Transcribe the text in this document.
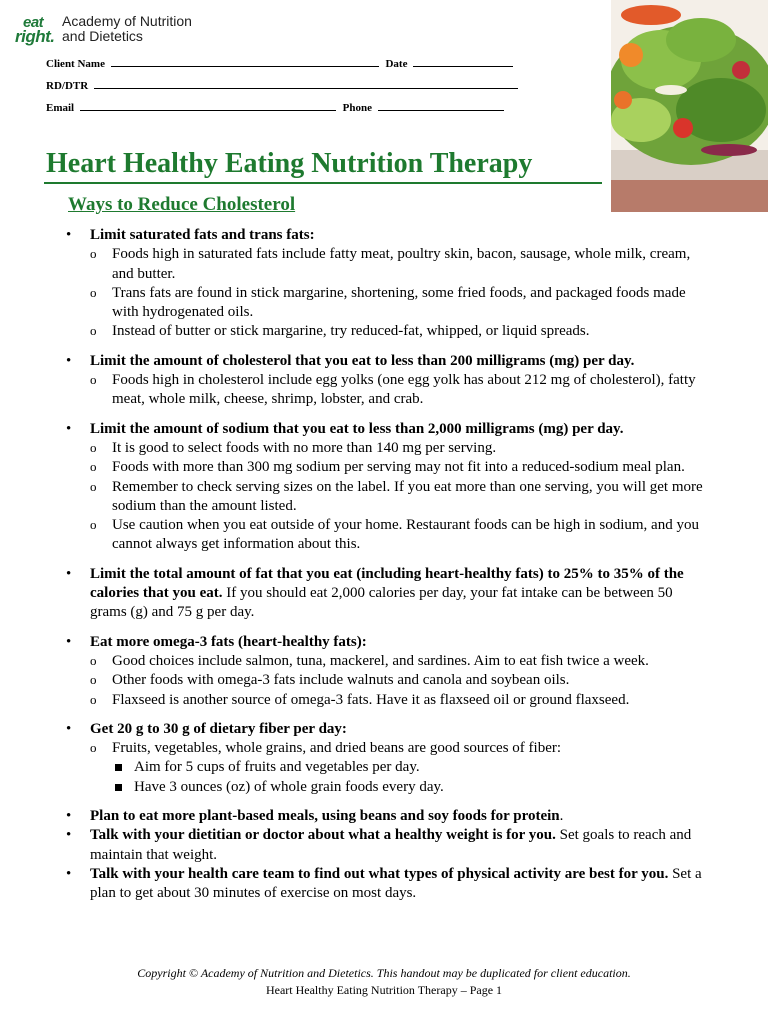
eat
right.
Academy of Nutrition
and Dietetics
Client Name	Date
RD/DTR
Email	Phone
Heart Healthy Eating Nutrition Therapy
Ways to Reduce Cholesterol
• Limit saturated fats and trans fats:
o Foods high in saturated fats include fatty meat, poultry skin, bacon, sausage, whole milk, cream, and butter.
o Trans fats are found in stick margarine, shortening, some fried foods, and packaged foods made with hydrogenated oils.
o Instead of butter or stick margarine, try reduced-fat, whipped, or liquid spreads.
• Limit the amount of cholesterol that you eat to less than 200 milligrams (mg) per day.
o Foods high in cholesterol include egg yolks (one egg yolk has about 212 mg of cholesterol), fatty meat, whole milk, cheese, shrimp, lobster, and crab.
• Limit the amount of sodium that you eat to less than 2,000 milligrams (mg) per day.
o It is good to select foods with no more than 140 mg per serving.
o Foods with more than 300 mg sodium per serving may not fit into a reduced-sodium meal plan.
o Remember to check serving sizes on the label. If you eat more than one serving, you will get more sodium than the amount listed.
o Use caution when you eat outside of your home. Restaurant foods can be high in sodium, and you cannot always get information about this.
• Limit the total amount of fat that you eat (including heart-healthy fats) to 25% to 35% of the calories that you eat. If you should eat 2,000 calories per day, your fat intake can be between 50 grams (g) and 75 g per day.
• Eat more omega-3 fats (heart-healthy fats):
o Good choices include salmon, tuna, mackerel, and sardines. Aim to eat fish twice a week.
o Other foods with omega-3 fats include walnuts and canola and soybean oils.
o Flaxseed is another source of omega-3 fats. Have it as flaxseed oil or ground flaxseed.
• Get 20 g to 30 g of dietary fiber per day:
o Fruits, vegetables, whole grains, and dried beans are good sources of fiber:
Aim for 5 cups of fruits and vegetables per day.
Have 3 ounces (oz) of whole grain foods every day.
• Plan to eat more plant-based meals, using beans and soy foods for protein.
• Talk with your dietitian or doctor about what a healthy weight is for you. Set goals to reach and maintain that weight.
• Talk with your health care team to find out what types of physical activity are best for you. Set a plan to get about 30 minutes of exercise on most days.
Copyright © Academy of Nutrition and Dietetics. This handout may be duplicated for client education.
Heart Healthy Eating Nutrition Therapy – Page 1
